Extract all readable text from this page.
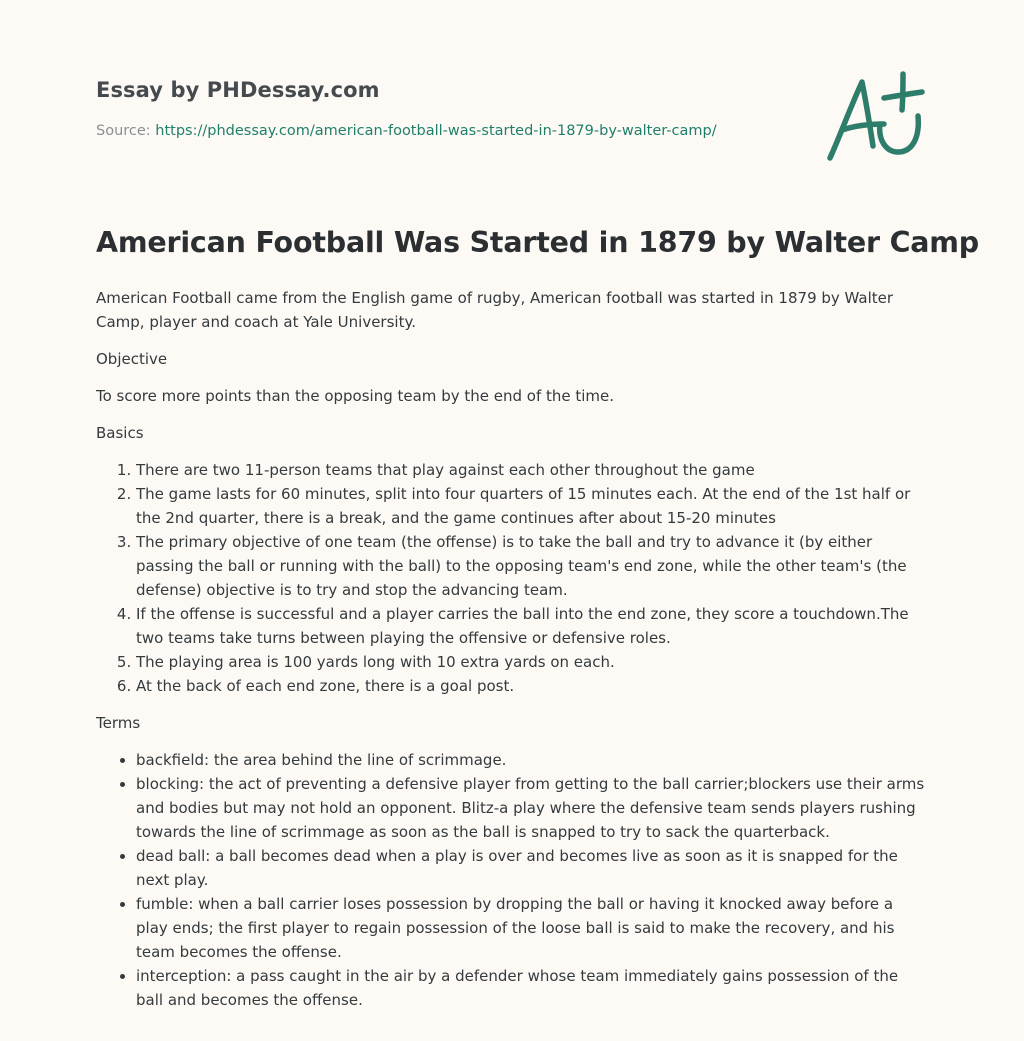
Essay by PHDessay.com
Source: https://phdessay.com/american-football-was-started-in-1879-by-walter-camp/
American Football Was Started in 1879 by Walter Camp

American Football came from the English game of rugby, American football was started in 1879 by Walter Camp, player and coach at Yale University.

Objective

To score more points than the opposing team by the end of the time.

Basics

1. There are two 11-person teams that play against each other throughout the game
2. The game lasts for 60 minutes, split into four quarters of 15 minutes each. At the end of the 1st half or the 2nd quarter, there is a break, and the game continues after about 15-20 minutes
3. The primary objective of one team (the offense) is to take the ball and try to advance it (by either passing the ball or running with the ball) to the opposing team's end zone, while the other team's (the defense) objective is to try and stop the advancing team.
4. If the offense is successful and a player carries the ball into the end zone, they score a touchdown.The two teams take turns between playing the offensive or defensive roles.
5. The playing area is 100 yards long with 10 extra yards on each.
6. At the back of each end zone, there is a goal post.

Terms

• backfield: the area behind the line of scrimmage.
• blocking: the act of preventing a defensive player from getting to the ball carrier;blockers use their arms and bodies but may not hold an opponent. Blitz-a play where the defensive team sends players rushing towards the line of scrimmage as soon as the ball is snapped to try to sack the quarterback.
• dead ball: a ball becomes dead when a play is over and becomes live as soon as it is snapped for the next play.
• fumble: when a ball carrier loses possession by dropping the ball or having it knocked away before a play ends; the first player to regain possession of the loose ball is said to make the recovery, and his team becomes the offense.
• interception: a pass caught in the air by a defender whose team immediately gains possession of the ball and becomes the offense.
